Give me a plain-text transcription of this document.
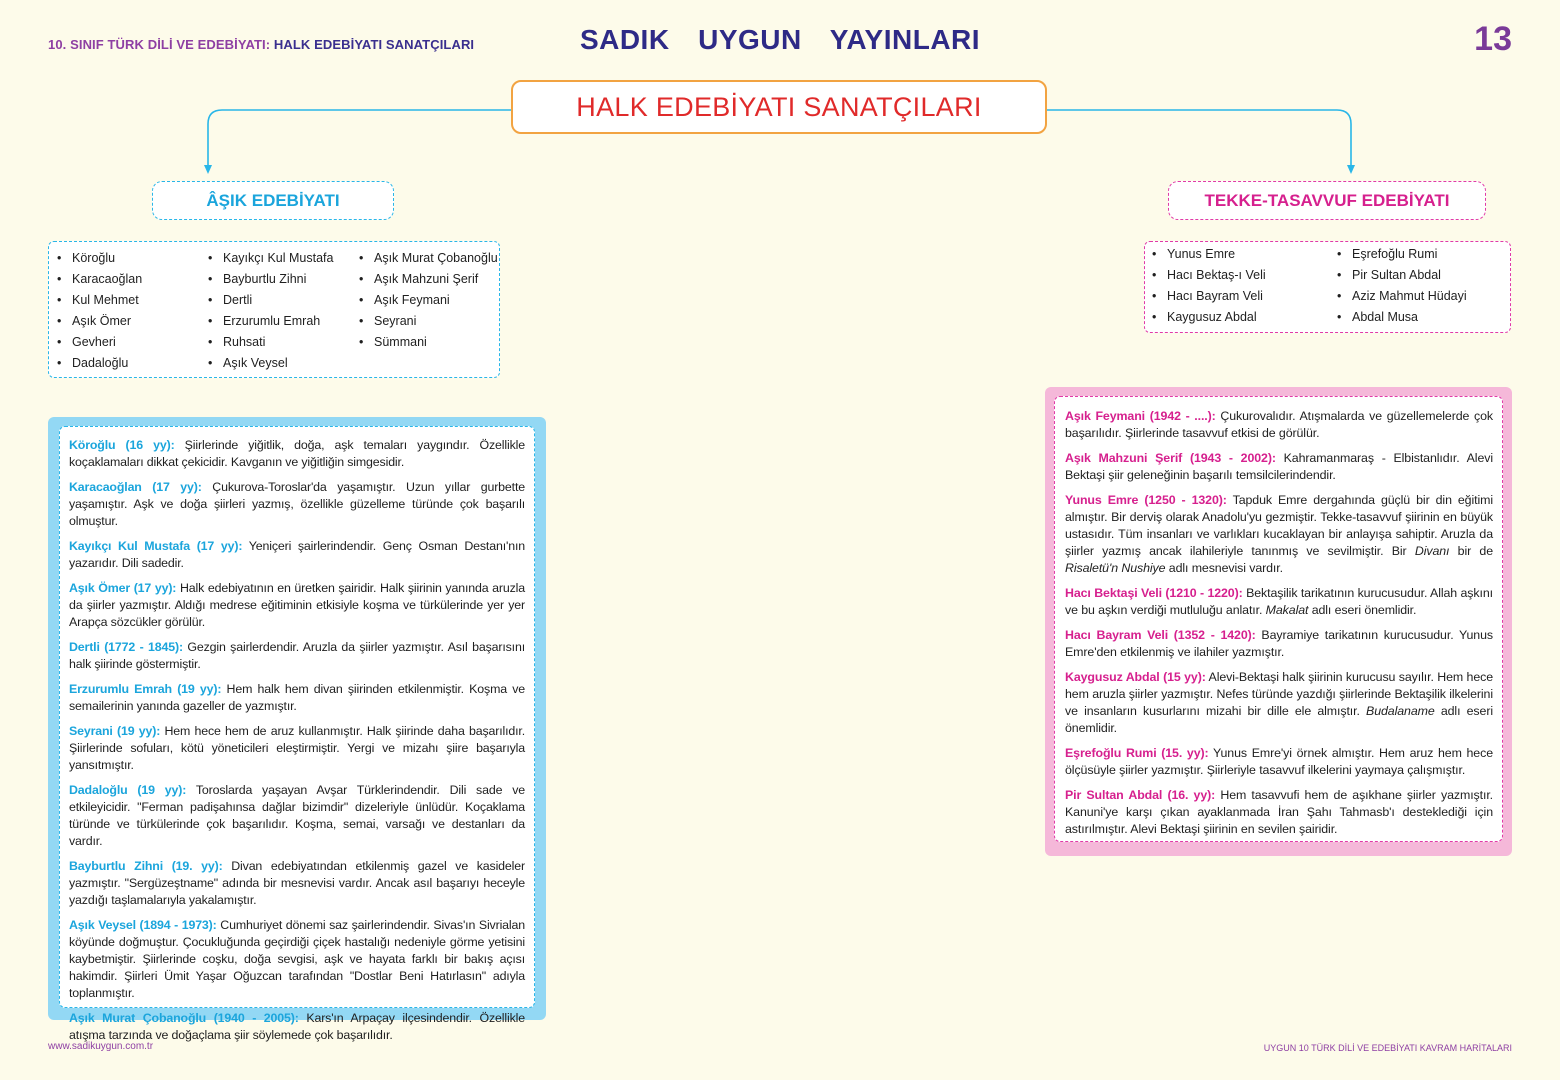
10. SINIF TÜRK DİLİ VE EDEBİYATI: HALK EDEBİYATI SANATÇILARI	SADIK  UYGUN  YAYINLARI	13
HALK EDEBİYATI SANATÇILARI
ÂŞIK EDEBİYATI	TEKKE-TASAVVUF EDEBİYATI
• Köroğlu
• Karacaoğlan
• Kul Mehmet
• Aşık Ömer
• Gevheri
• Dadaloğlu
• Kayıkçı Kul Mustafa
• Bayburtlu Zihni
• Dertli
• Erzurumlu Emrah
• Ruhsati
• Aşık Veysel
• Aşık Murat Çobanoğlu
• Aşık Mahzuni Şerif
• Aşık Feymani
• Seyrani
• Sümmani
• Yunus Emre
• Hacı Bektaş-ı Veli
• Hacı Bayram Veli
• Kaygusuz Abdal
• Eşrefoğlu Rumi
• Pir Sultan Abdal
• Aziz Mahmut Hüdayi
• Abdal Musa

Köroğlu (16 yy): Şiirlerinde yiğitlik, doğa, aşk temaları yaygındır. Özellikle koçaklamaları dikkat çekicidir. Kavganın ve yiğitliğin simgesidir.

Karacaoğlan (17 yy): Çukurova-Toroslar'da yaşamıştır. Uzun yıllar gurbette yaşamıştır. Aşk ve doğa şiirleri yazmış, özellikle güzelleme türünde çok başarılı olmuştur.

Kayıkçı Kul Mustafa (17 yy): Yeniçeri şairlerindendir. Genç Osman Destanı'nın yazarıdır. Dili sadedir.

Aşık Ömer (17 yy): Halk edebiyatının en üretken şairidir. Halk şiirinin yanında aruzla da şiirler yazmıştır. Aldığı medrese eğitiminin etkisiyle koşma ve türkülerinde yer yer Arapça sözcükler görülür.

Dertli (1772 - 1845): Gezgin şairlerdendir. Aruzla da şiirler yazmıştır. Asıl başarısını halk şiirinde göstermiştir.

Erzurumlu Emrah (19 yy): Hem halk hem divan şiirinden etkilenmiştir. Koşma ve semailerinin yanında gazeller de yazmıştır.

Seyrani (19 yy): Hem hece hem de aruz kullanmıştır. Halk şiirinde daha başarılıdır. Şiirlerinde sofuları, kötü yöneticileri eleştirmiştir. Yergi ve mizahı şiire başarıyla yansıtmıştır.

Dadaloğlu (19 yy): Toroslarda yaşayan Avşar Türklerindendir. Dili sade ve etkileyicidir. "Ferman padişahınsa dağlar bizimdir" dizeleriyle ünlüdür. Koçaklama türünde ve türkülerinde çok başarılıdır. Koşma, semai, varsağı ve destanları da vardır.

Bayburtlu Zihni (19. yy): Divan edebiyatından etkilenmiş gazel ve kasideler yazmıştır. "Sergüzeştname" adında bir mesnevisi vardır. Ancak asıl başarıyı heceyle yazdığı taşlamalarıyla yakalamıştır.

Aşık Veysel (1894 - 1973): Cumhuriyet dönemi saz şairlerindendir. Sivas'ın Sivrialan köyünde doğmuştur. Çocukluğunda geçirdiği çiçek hastalığı nedeniyle görme yetisini kaybetmiştir. Şiirlerinde coşku, doğa sevgisi, aşk ve hayata farklı bir bakış açısı hakimdir. Şiirleri Ümit Yaşar Oğuzcan tarafından "Dostlar Beni Hatırlasın" adıyla toplanmıştır.

Aşık Murat Çobanoğlu (1940 - 2005): Kars'ın Arpaçay ilçesindendir. Özellikle atışma tarzında ve doğaçlama şiir söylemede çok başarılıdır.

Aşık Feymani (1942 - ....): Çukurovalıdır. Atışmalarda ve güzellemelerde çok başarılıdır. Şiirlerinde tasavvuf etkisi de görülür.

Aşık Mahzuni Şerif (1943 - 2002): Kahramanmaraş - Elbistanlıdır. Alevi Bektaşi şiir geleneğinin başarılı temsilcilerindendir.

Yunus Emre (1250 - 1320): Tapduk Emre dergahında güçlü bir din eğitimi almıştır. Bir derviş olarak Anadolu'yu gezmiştir. Tekke-tasavvuf şiirinin en büyük ustasıdır. Tüm insanları ve varlıkları kucaklayan bir anlayışa sahiptir. Aruzla da şiirler yazmış ancak ilahileriyle tanınmış ve sevilmiştir. Bir Divanı bir de Risaletü'n Nushiye adlı mesnevisi vardır.

Hacı Bektaşi Veli (1210 - 1220): Bektaşilik tarikatının kurucusudur. Allah aşkını ve bu aşkın verdiği mutluluğu anlatır. Makalat adlı eseri önemlidir.

Hacı Bayram Veli (1352 - 1420): Bayramiye tarikatının kurucusudur. Yunus Emre'den etkilenmiş ve ilahiler yazmıştır.

Kaygusuz Abdal (15 yy): Alevi-Bektaşi halk şiirinin kurucusu sayılır. Hem hece hem aruzla şiirler yazmıştır. Nefes türünde yazdığı şiirlerinde Bektaşilik ilkelerini ve insanların kusurlarını mizahi bir dille ele almıştır. Budalaname adlı eseri önemlidir.

Eşrefoğlu Rumi (15. yy): Yunus Emre'yi örnek almıştır. Hem aruz hem hece ölçüsüyle şiirler yazmıştır. Şiirleriyle tasavvuf ilkelerini yaymaya çalışmıştır.

Pir Sultan Abdal (16. yy): Hem tasavvufi hem de aşıkhane şiirler yazmıştır. Kanuni'ye karşı çıkan ayaklanmada İran Şahı Tahmasb'ı desteklediği için astırılmıştır. Alevi Bektaşi şiirinin en sevilen şairidir.

www.sadikuygun.com.tr	UYGUN 10 TÜRK DİLİ VE EDEBİYATI KAVRAM HARİTALARI
